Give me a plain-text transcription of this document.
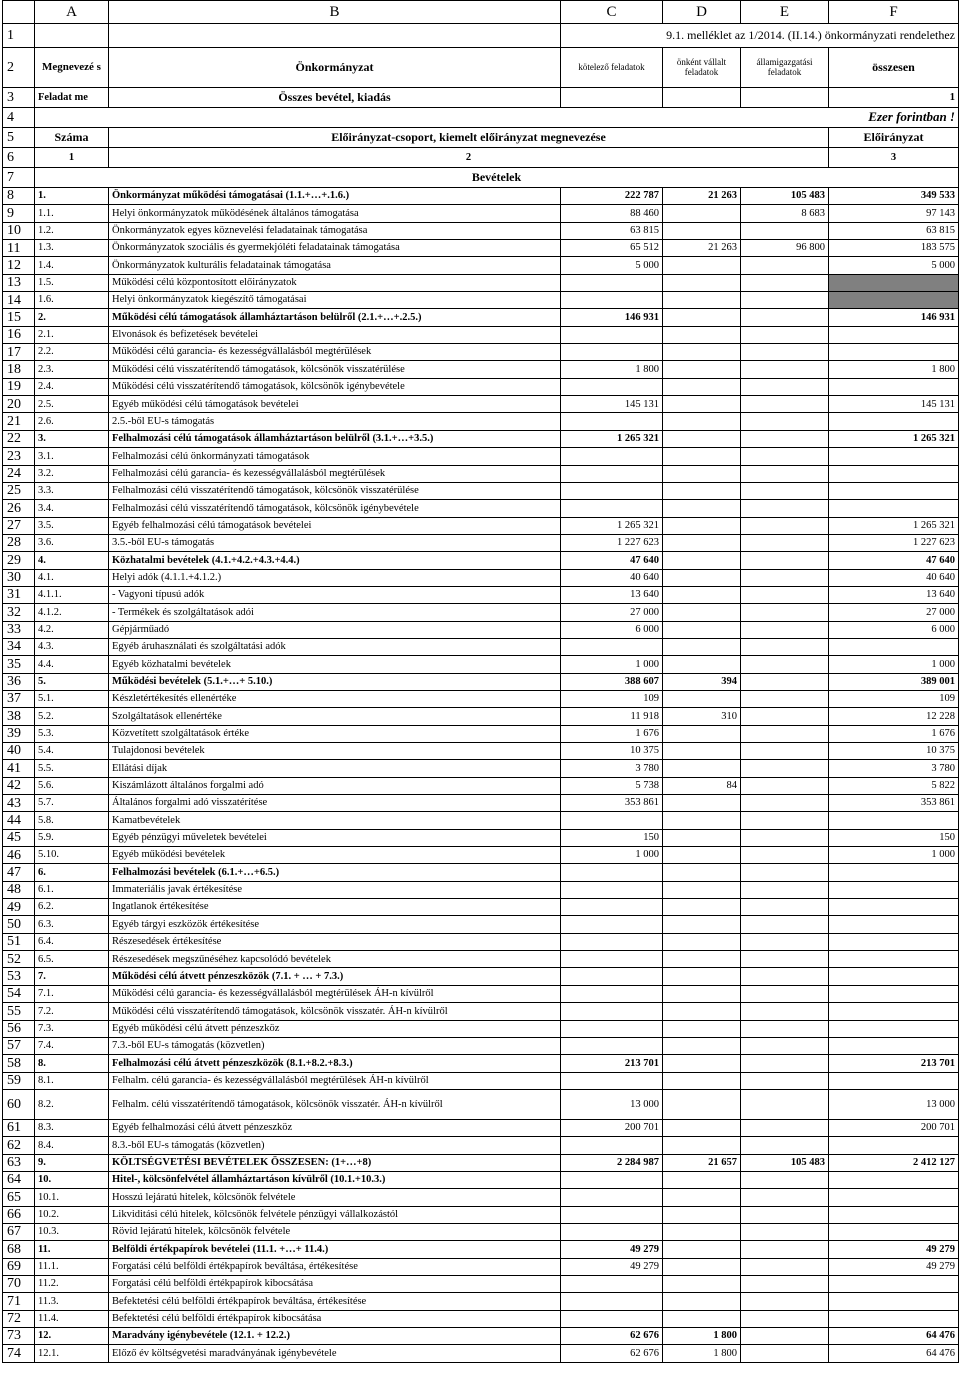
	A	B	C	D	E	F
1			9.1. melléklet az 1/2014. (II.14.) önkormányzati rendelethez			
2	Megnevezé s	Önkormányzat	kötelező feladatok	önként vállalt feladatok	államigazgatási feladatok	összesen
3	Feladat me	Összes bevétel, kiadás				1
4						Ezer forintban !
5	Száma	Előirányzat-csoport, kiemelt előirányzat megnevezése				Előirányzat
6	1	2				3
7	Bevételek					
8	1.	Önkormányzat működési támogatásai (1.1.+…+.1.6.)	222 787	21 263	105 483	349 533
9	1.1.	Helyi önkormányzatok működésének általános támogatása	88 460		8 683	97 143
10	1.2.	Önkormányzatok egyes köznevelési feladatainak támogatása	63 815			63 815
11	1.3.	Önkormányzatok szociális és gyermekjóléti feladatainak támogatása	65 512	21 263	96 800	183 575
12	1.4.	Önkormányzatok kulturális feladatainak támogatása	5 000			5 000
13	1.5.	Működési célú központosított előirányzatok				
14	1.6.	Helyi önkormányzatok kiegészítő támogatásai				
15	2.	Működési célú támogatások államháztartáson belülről (2.1.+…+.2.5.)	146 931			146 931
16	2.1.	Elvonások és befizetések bevételei				
17	2.2.	Működési célú garancia- és kezességvállalásból megtérülések				
18	2.3.	Működési célú visszatérítendő támogatások, kölcsönök visszatérülése	1 800			1 800
19	2.4.	Működési célú visszatérítendő támogatások, kölcsönök igénybevétele				
20	2.5.	Egyéb működési célú támogatások bevételei	145 131			145 131
21	2.6.	2.5.-ből EU-s támogatás				
22	3.	Felhalmozási célú támogatások államháztartáson belülről (3.1.+…+3.5.)	1 265 321			1 265 321
23	3.1.	Felhalmozási célú önkormányzati támogatások				
24	3.2.	Felhalmozási célú garancia- és kezességvállalásból megtérülések				
25	3.3.	Felhalmozási célú visszatérítendő támogatások, kölcsönök visszatérülése				
26	3.4.	Felhalmozási célú visszatérítendő támogatások, kölcsönök igénybevétele				
27	3.5.	Egyéb felhalmozási célú támogatások bevételei	1 265 321			1 265 321
28	3.6.	3.5.-ből EU-s támogatás	1 227 623			1 227 623
29	4.	Közhatalmi bevételek (4.1.+4.2.+4.3.+4.4.)	47 640			47 640
30	4.1.	Helyi adók (4.1.1.+4.1.2.)	40 640			40 640
31	4.1.1.	- Vagyoni típusú adók	13 640			13 640
32	4.1.2.	- Termékek és szolgáltatások adói	27 000			27 000
33	4.2.	Gépjárműadó	6 000			6 000
34	4.3.	Egyéb áruhasználati és szolgáltatási adók				
35	4.4.	Egyéb közhatalmi bevételek	1 000			1 000
36	5.	Működési bevételek (5.1.+…+ 5.10.)	388 607	394		389 001
37	5.1.	Készletértékesítés ellenértéke	109			109
38	5.2.	Szolgáltatások ellenértéke	11 918	310		12 228
39	5.3.	Közvetített szolgáltatások értéke	1 676			1 676
40	5.4.	Tulajdonosi bevételek	10 375			10 375
41	5.5.	Ellátási díjak	3 780			3 780
42	5.6.	Kiszámlázott általános forgalmi adó	5 738	84		5 822
43	5.7.	Általános forgalmi adó visszatérítése	353 861			353 861
44	5.8.	Kamatbevételek				
45	5.9.	Egyéb pénzügyi műveletek bevételei	150			150
46	5.10.	Egyéb működési bevételek	1 000			1 000
47	6.	Felhalmozási bevételek (6.1.+…+6.5.)				
48	6.1.	Immateriális javak értékesítése				
49	6.2.	Ingatlanok értékesítése				
50	6.3.	Egyéb tárgyi eszközök értékesítése				
51	6.4.	Részesedések értékesítése				
52	6.5.	Részesedések megszűnéséhez kapcsolódó bevételek				
53	7.	Működési célú átvett pénzeszközök (7.1. + … + 7.3.)				
54	7.1.	Működési célú garancia- és kezességvállalásból megtérülések ÁH-n kívülről				
55	7.2.	Működési célú visszatérítendő támogatások, kölcsönök visszatér. ÁH-n kívülről				
56	7.3.	Egyéb működési célú átvett pénzeszköz				
57	7.4.	7.3.-ből EU-s támogatás (közvetlen)				
58	8.	Felhalmozási célú átvett pénzeszközök (8.1.+8.2.+8.3.)	213 701			213 701
59	8.1.	Felhalm. célú garancia- és kezességvállalásból megtérülések ÁH-n kívülről				
60	8.2.	Felhalm. célú visszatérítendő támogatások, kölcsönök visszatér. ÁH-n kívülről	13 000			13 000
61	8.3.	Egyéb felhalmozási célú átvett pénzeszköz	200 701			200 701
62	8.4.	8.3.-ből EU-s támogatás (közvetlen)				
63	9.	KÖLTSÉGVETÉSI BEVÉTELEK ÖSSZESEN: (1+…+8)	2 284 987	21 657	105 483	2 412 127
64	10.	Hitel-, kölcsönfelvétel államháztartáson kívülről (10.1.+10.3.)				
65	10.1.	Hosszú lejáratú hitelek, kölcsönök felvétele				
66	10.2.	Likviditási célú hitelek, kölcsönök felvétele pénzügyi vállalkozástól				
67	10.3.	Rövid lejáratú hitelek, kölcsönök felvétele				
68	11.	Belföldi értékpapírok bevételei (11.1. +…+ 11.4.)	49 279			49 279
69	11.1.	Forgatási célú belföldi értékpapírok beváltása, értékesítése	49 279			49 279
70	11.2.	Forgatási célú belföldi értékpapírok kibocsátása				
71	11.3.	Befektetési célú belföldi értékpapírok beváltása, értékesítése				
72	11.4.	Befektetési célú belföldi értékpapírok kibocsátása				
73	12.	Maradvány igénybevétele (12.1. + 12.2.)	62 676	1 800		64 476
74	12.1.	Előző év költségvetési maradványának igénybevétele	62 676	1 800		64 476
